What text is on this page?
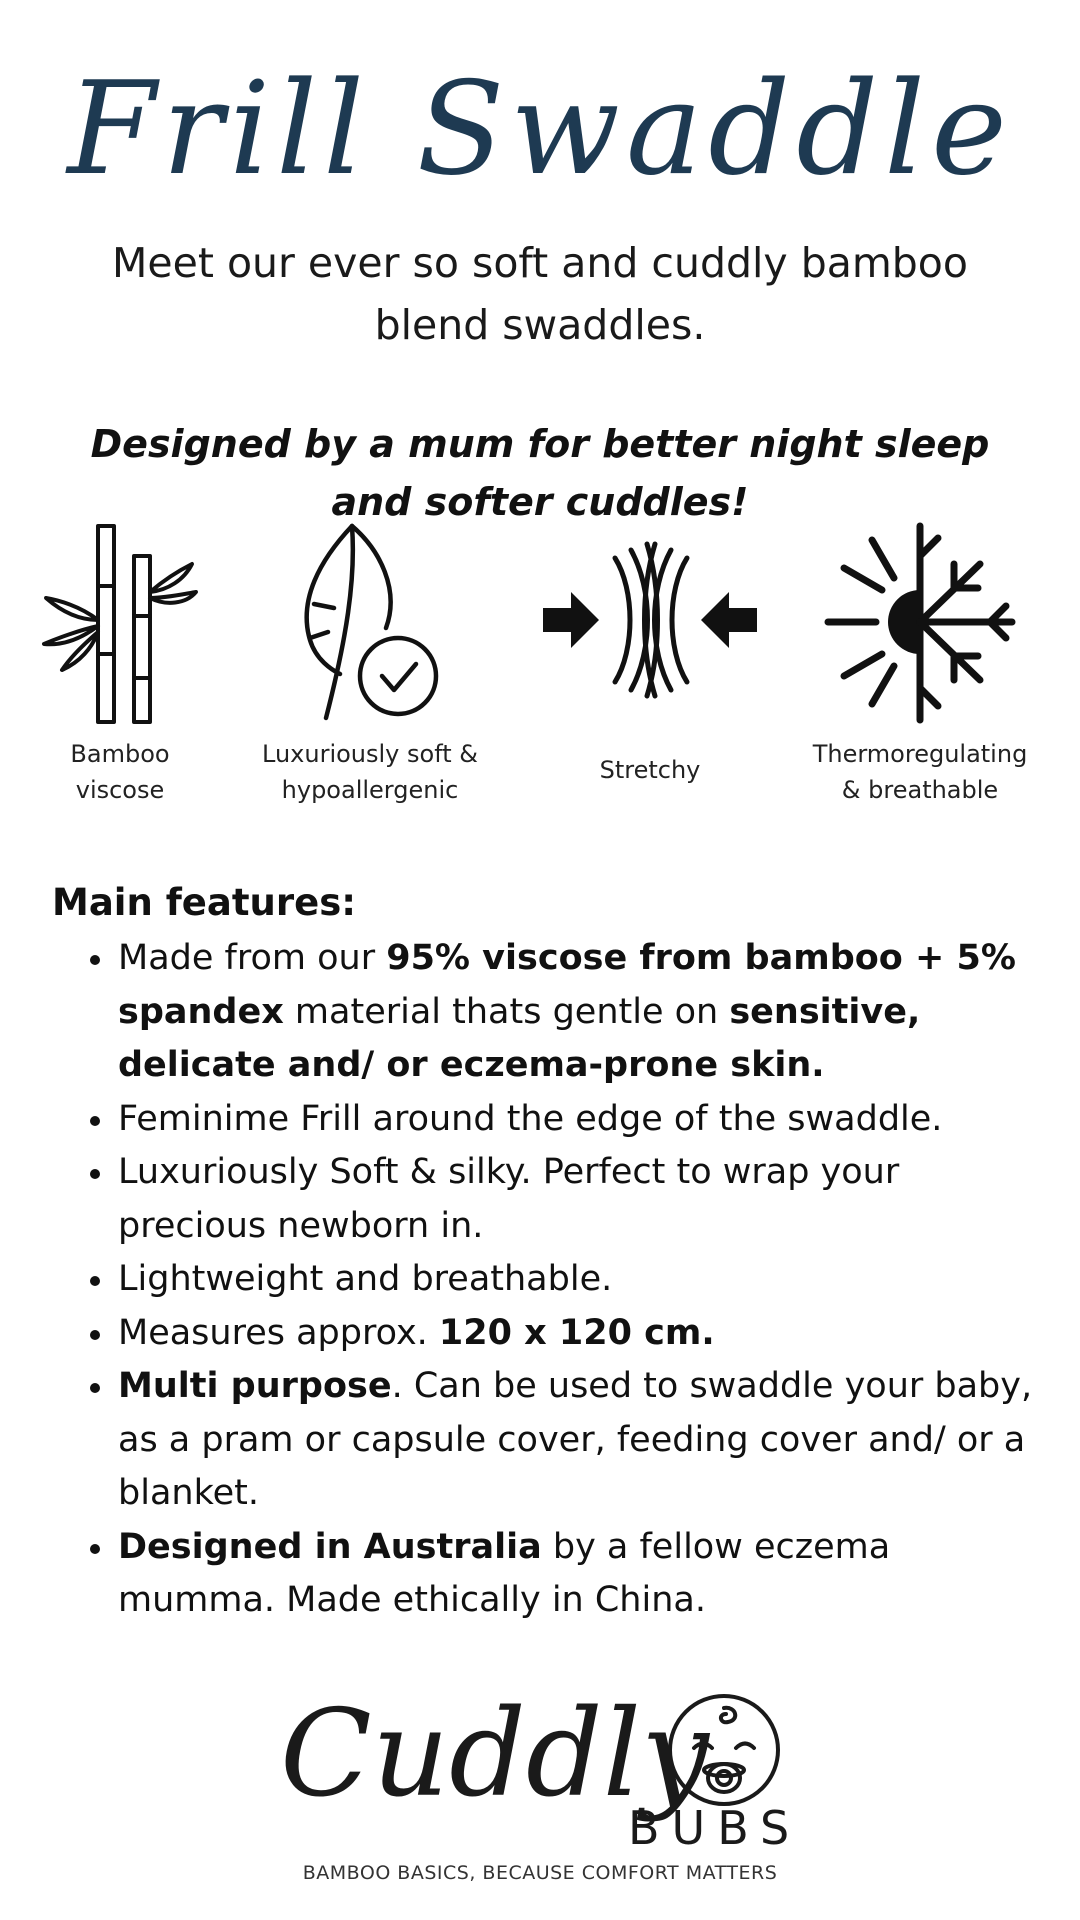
Frill Swaddle
Meet our ever so soft and cuddly bamboo blend swaddles.
Designed by a mum for better night sleep and softer cuddles!
Bamboo
viscose
Luxuriously soft &
hypoallergenic
Stretchy
Thermoregulating
& breathable
Main features:
Made from our 95% viscose from bamboo + 5% spandex material thats gentle on sensitive, delicate and/ or eczema-prone skin.
Feminime Frill around the edge of the swaddle.
Luxuriously Soft & silky. Perfect to wrap your precious newborn in.
Lightweight and breathable.
Measures approx. 120 x 120 cm.
Multi purpose. Can be used to swaddle your baby, as a pram or capsule cover, feeding cover and/ or a blanket.
Designed in Australia by a fellow eczema mumma. Made ethically in China.
Cuddly
BUBS
BAMBOO BASICS, BECAUSE COMFORT MATTERS
